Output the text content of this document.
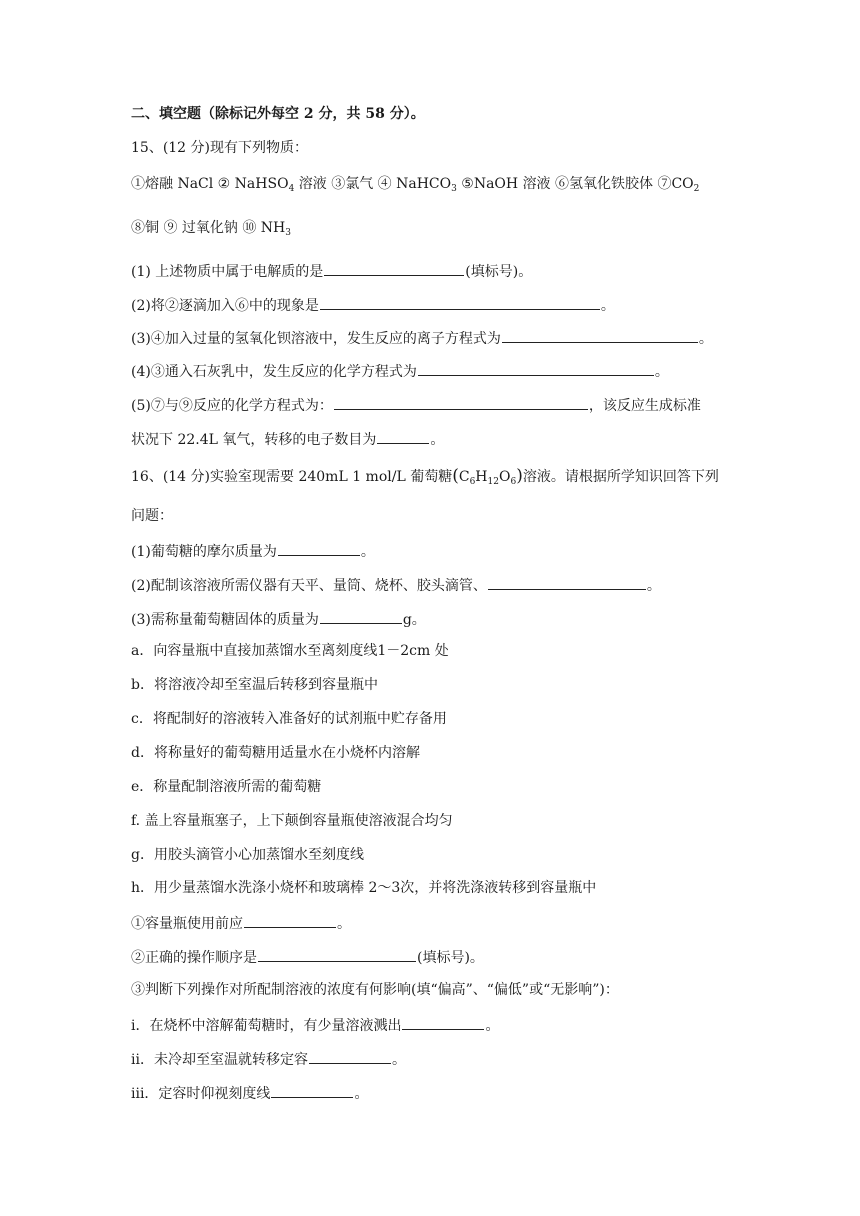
二、填空题（除标记外每空 2 分，共 58 分）。
15、(12 分)现有下列物质：
①熔融 NaCl ② NaHSO$_4$ 溶液 ③氯气 ④ NaHCO$_3$ ⑤NaOH 溶液 ⑥氢氧化铁胶体 $⑦CO_2$
⑧铜 ⑨ 过氧化钠 ⑩ $NH_3$
(1) 上述物质中属于电解质的是	(填标号)。
(2)将②逐滴加入⑥中的现象是	。
(3)④加入过量的氢氧化钡溶液中，发生反应的离子方程式为	。
(4)③通入石灰乳中，发生反应的化学方程式为	。
(5)⑦与⑨反应的化学方程式为：	，该反应生成标准
状况下 22.4L 氧气，转移的电子数目为	。
16、(14 分)实验室现需要 240mL 1 mol/L 葡萄糖$(C_6H_{12}O_6)$溶液。请根据所学知识回答下列
问题：
(1)葡萄糖的摩尔质量为	。
(2)配制该溶液所需仪器有天平、量筒、烧杯、胶头滴管、	。
(3)需称量葡萄糖固体的质量为	g。
a．向容量瓶中直接加蒸馏水至离刻度线1－2cm 处
b．将溶液冷却至室温后转移到容量瓶中
c．将配制好的溶液转入准备好的试剂瓶中贮存备用
d．将称量好的葡萄糖用适量水在小烧杯内溶解
e．称量配制溶液所需的葡萄糖
f. 盖上容量瓶塞子，上下颠倒容量瓶使溶液混合均匀
g．用胶头滴管小心加蒸馏水至刻度线
h．用少量蒸馏水洗涤小烧杯和玻璃棒 2～3次，并将洗涤液转移到容量瓶中
①容量瓶使用前应	。
②正确的操作顺序是	(填标号)。
③判断下列操作对所配制溶液的浓度有何影响(填“偏高”、“偏低”或“无影响”)：
i．在烧杯中溶解葡萄糖时，有少量溶液溅出	。
ii．未冷却至室温就转移定容	。
iii．定容时仰视刻度线	。
